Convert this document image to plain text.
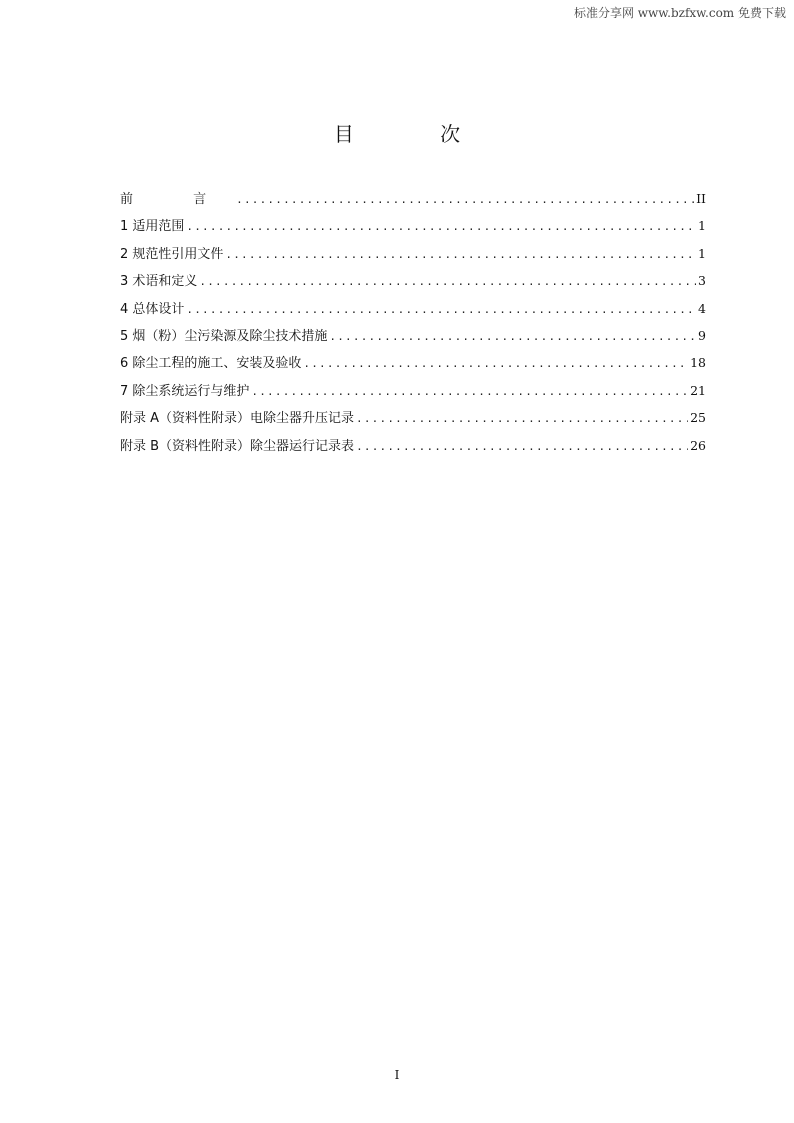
标准分享网 www.bzfxw.com 免费下载
目 次
前 言 .....	II
1 适用范围 .....	1
2 规范性引用文件 .....	1
3 术语和定义 .....	3
4 总体设计 .....	4
5 烟（粉）尘污染源及除尘技术措施 .....	9
6 除尘工程的施工、安装及验收 .....	18
7 除尘系统运行与维护 .....	21
附录 A（资料性附录）电除尘器升压记录 .....	25
附录 B（资料性附录）除尘器运行记录表 .....	26
I
